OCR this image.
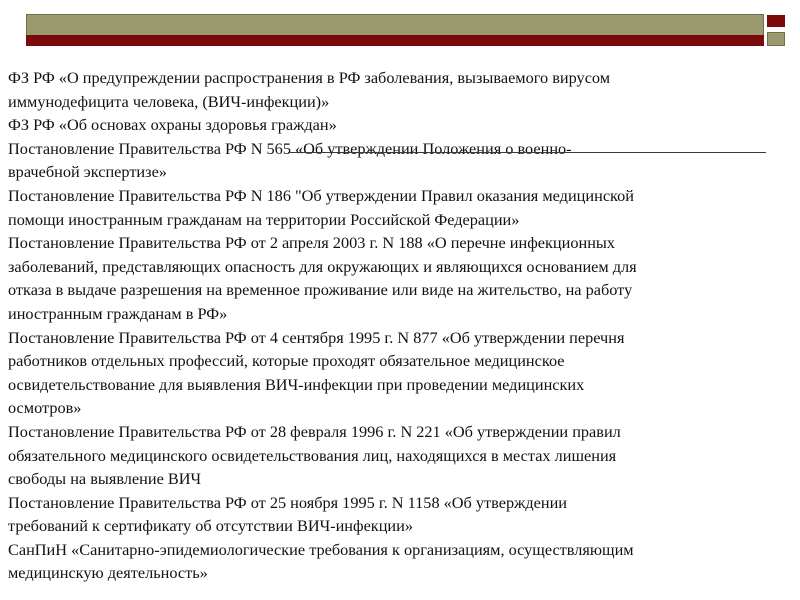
ФЗ РФ «О предупреждении распространения в РФ заболевания, вызываемого вирусом
иммунодефицита человека, (ВИЧ-инфекции)»
ФЗ РФ «Об основах охраны здоровья граждан»
Постановление Правительства РФ N 565 «Об утверждении Положения о военно-
врачебной экспертизе»
Постановление Правительства РФ N 186 "Об утверждении Правил оказания медицинской
помощи иностранным гражданам на территории Российской Федерации»
Постановление Правительства РФ от 2 апреля 2003 г. N 188 «О перечне инфекционных
заболеваний, представляющих опасность для окружающих и являющихся основанием для
отказа в выдаче разрешения на временное проживание или виде на жительство, на работу
иностранным гражданам в РФ»
Постановление Правительства РФ от 4 сентября 1995 г. N 877 «Об утверждении перечня
работников отдельных профессий, которые проходят обязательное медицинское
освидетельствование для выявления ВИЧ-инфекции при проведении медицинских
осмотров»
Постановление Правительства РФ от 28 февраля 1996 г. N 221 «Об утверждении правил
обязательного медицинского освидетельствования лиц, находящихся в местах лишения
свободы на выявление ВИЧ
Постановление Правительства РФ от 25 ноября 1995 г. N 1158 «Об утверждении
требований к сертификату об отсутствии ВИЧ-инфекции»
СанПиН «Санитарно-эпидемиологические требования к организациям, осуществляющим
медицинскую деятельность»
